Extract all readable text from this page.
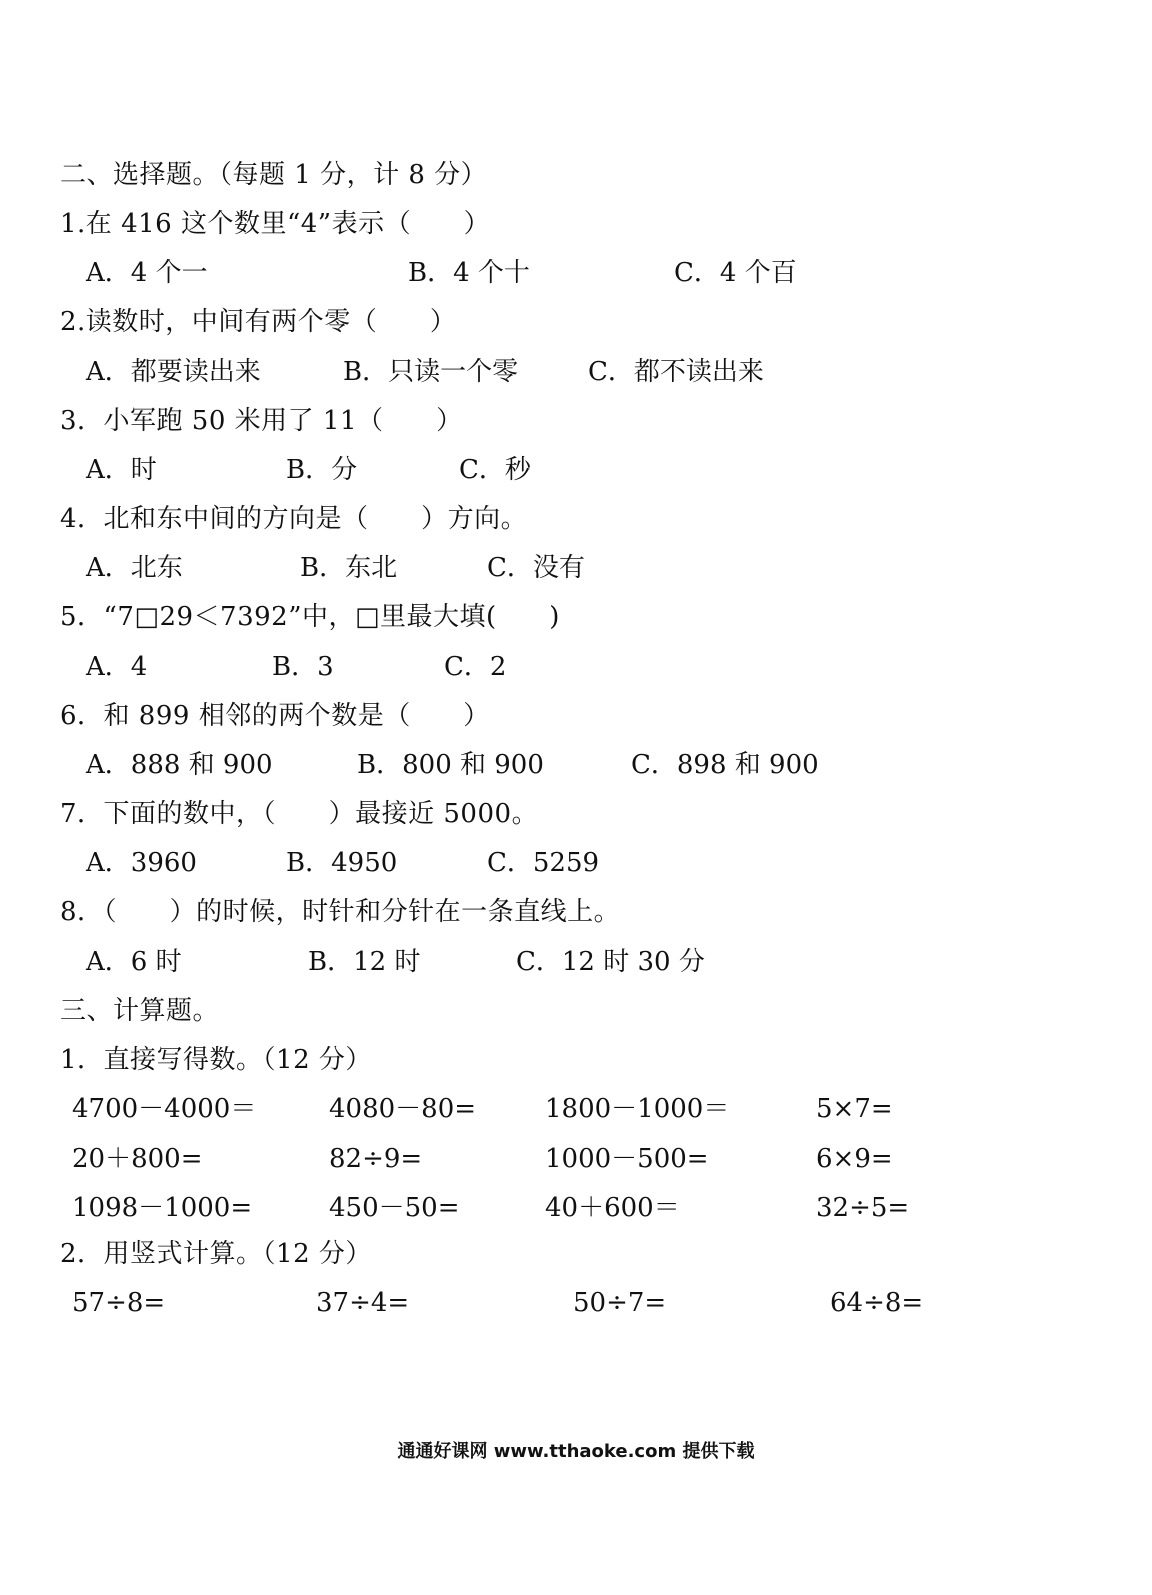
二、选择题。（每题 1 分，计 8 分）
1.在 416 这个数里“4”表示（      ）
A．4 个一	B．4 个十	C．4 个百
2.读数时，中间有两个零（      ）
A．都要读出来	B．只读一个零	C．都不读出来
3．小军跑 50 米用了 11（      ）
A．时	B．分	C．秒
4．北和东中间的方向是（      ）方向。
A．北东	B．东北	C．没有
5．“7□29＜7392”中，□里最大填(      )
A．4	B．3	C．2
6．和 899 相邻的两个数是（      ）
A．888 和 900	B．800 和 900	C．898 和 900
7．下面的数中，（      ）最接近 5000。
A．3960	B．4950	C．5259
8．（      ）的时候，时针和分针在一条直线上。
A．6 时	B．12 时	C．12 时 30 分
三、计算题。
1．直接写得数。（12 分）
4700－4000＝	4080－80=	1800－1000＝	5×7=
20＋800=	82÷9=	1000－500=	6×9=
1098－1000=	450－50=	40＋600＝	32÷5=
2．用竖式计算。（12 分）
57÷8=	37÷4=	50÷7=	64÷8=
通通好课网 www.tthaoke.com 提供下载
